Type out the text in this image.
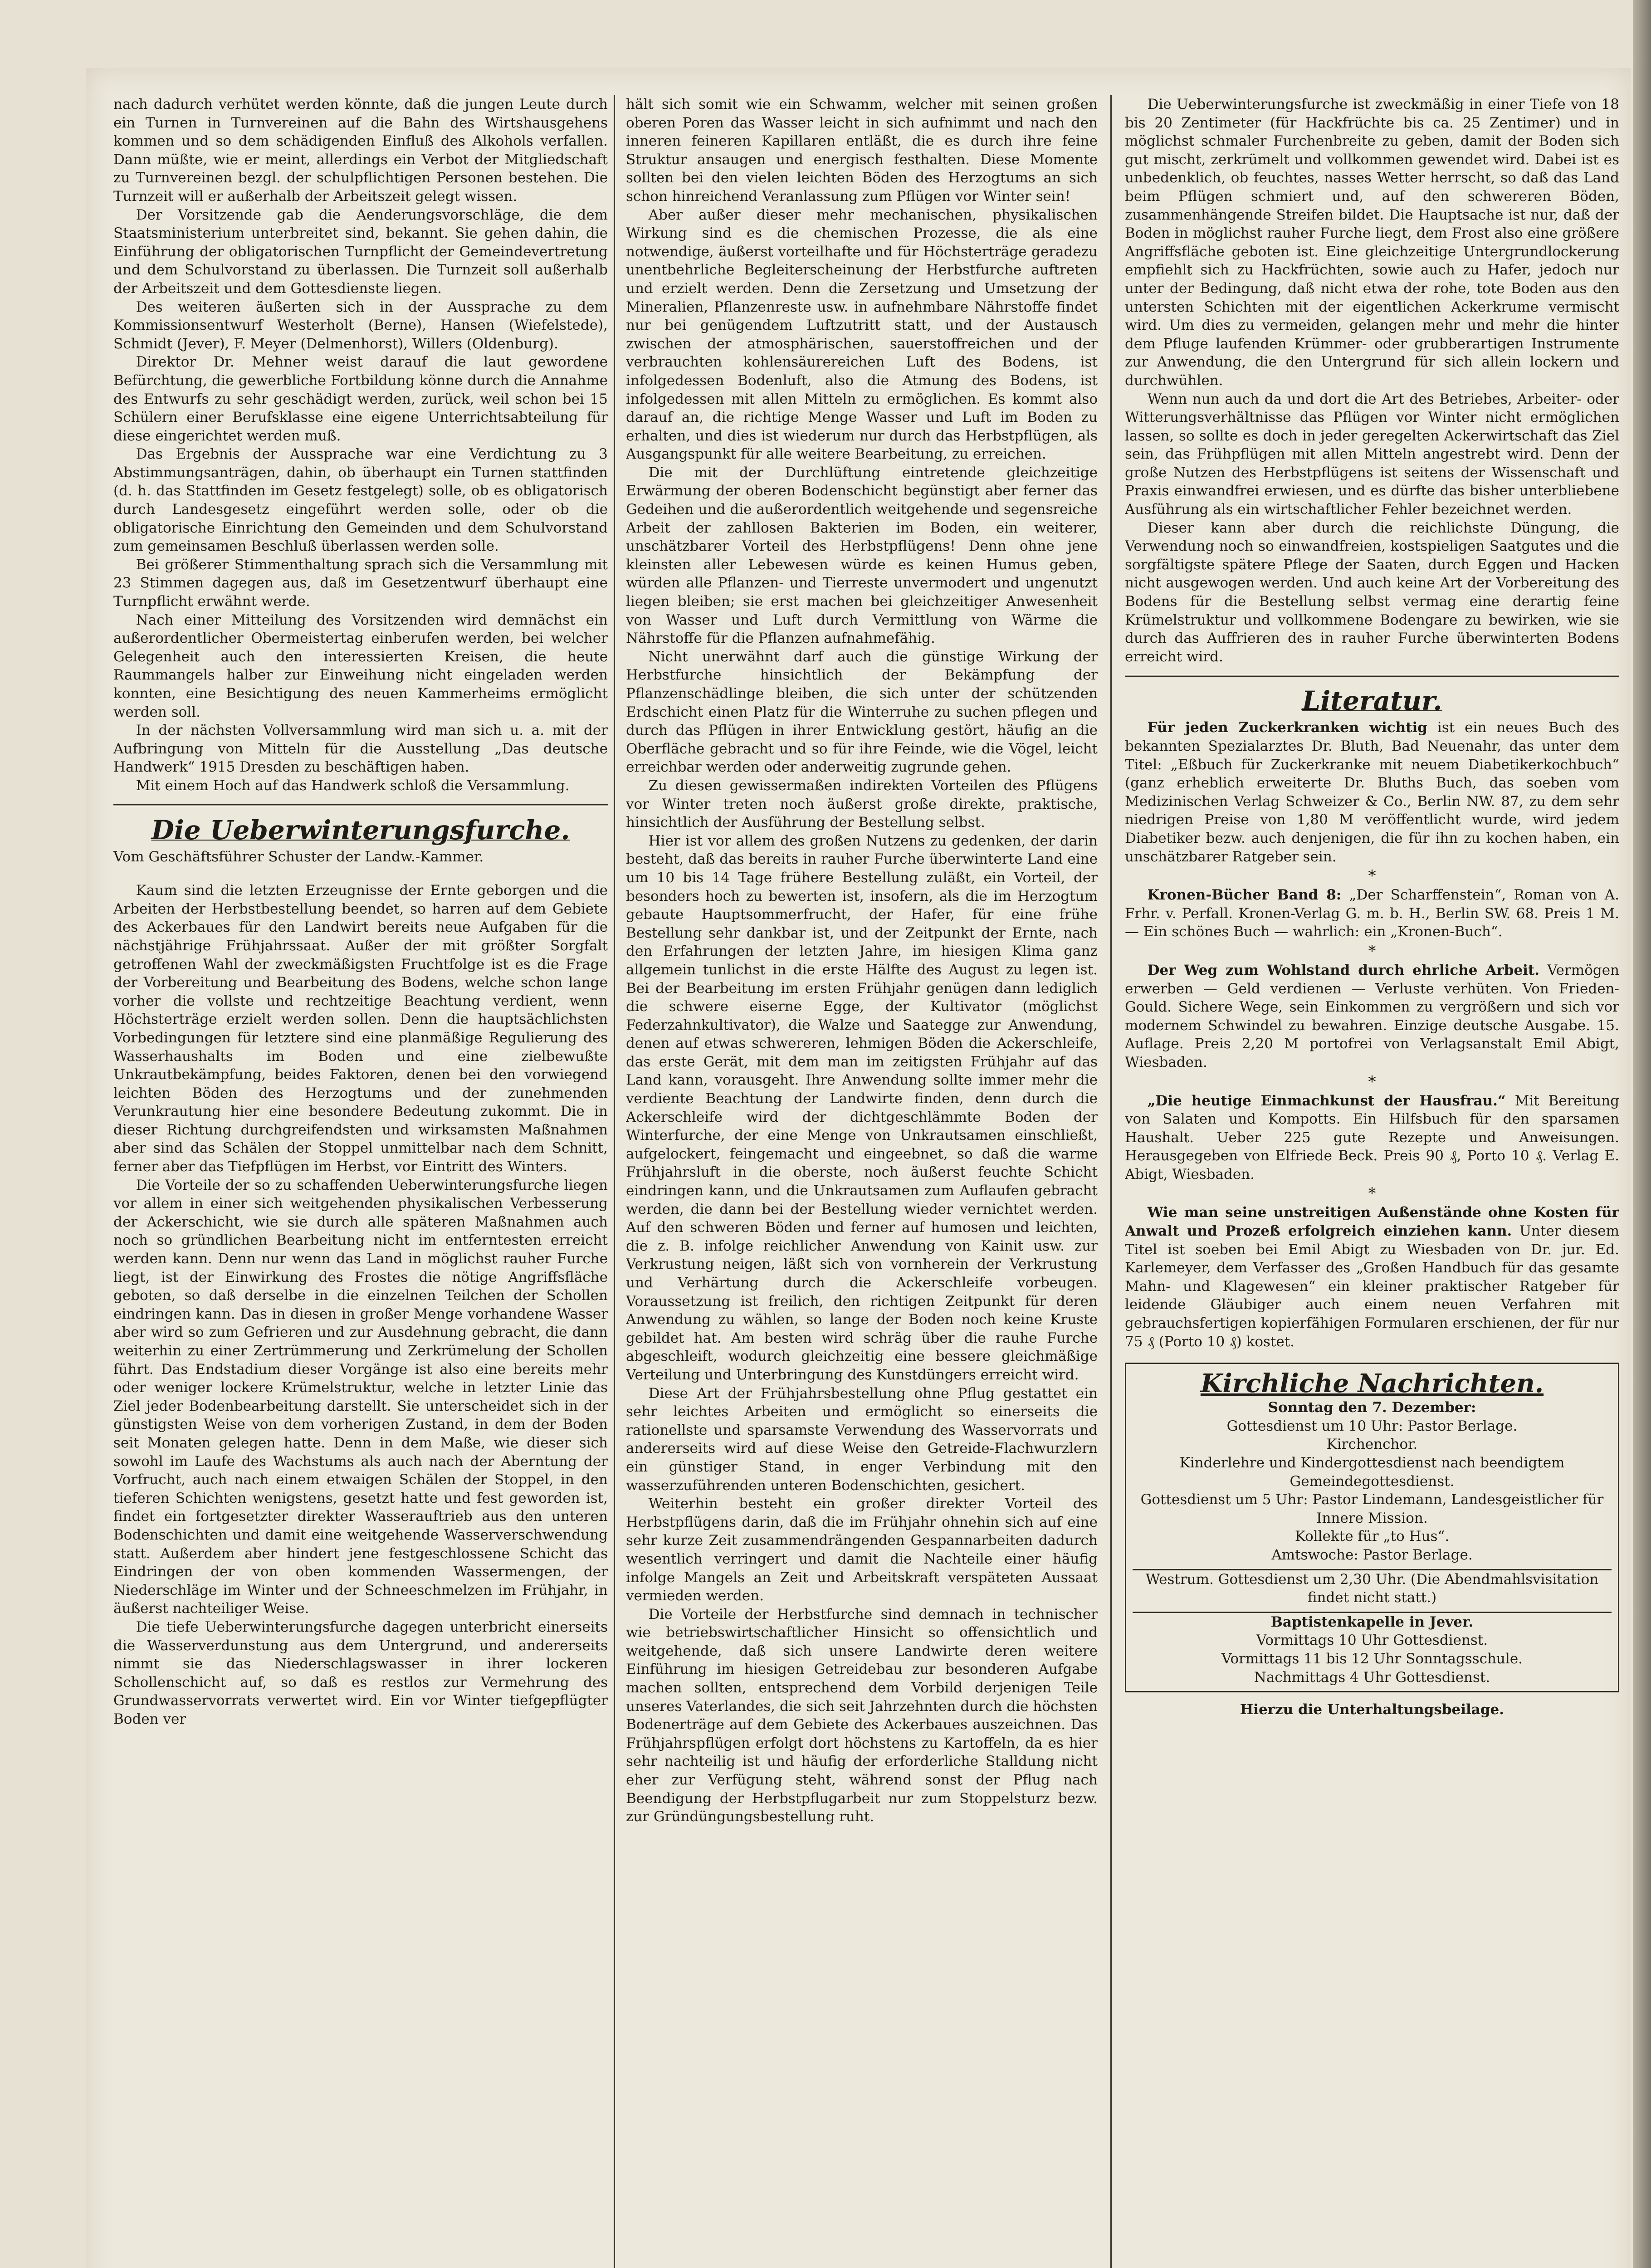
nach dadurch verhütet werden könnte, daß die jungen Leute durch ein Turnen in Turnvereinen auf die Bahn des Wirtshausgehens kommen und so dem schädigenden Einfluß des Alkohols verfallen. Dann müßte, wie er meint, allerdings ein Verbot der Mitgliedschaft zu Turnvereinen bezgl. der schulpflichtigen Personen bestehen. Die Turnzeit will er außerhalb der Arbeitszeit gelegt wissen.

Der Vorsitzende gab die Aenderungsvorschläge, die dem Staatsministerium unterbreitet sind, bekannt. Sie gehen dahin, die Einführung der obligatorischen Turnpflicht der Gemeindevertretung und dem Schulvorstand zu überlassen. Die Turnzeit soll außerhalb der Arbeitszeit und dem Gottesdienste liegen.

Des weiteren äußerten sich in der Aussprache zu dem Kommissionsentwurf Westerholt (Berne), Hansen (Wiefelstede), Schmidt (Jever), F. Meyer (Delmenhorst), Willers (Oldenburg).

Direktor Dr. Mehner weist darauf die laut gewordene Befürchtung, die gewerbliche Fortbildung könne durch die Annahme des Entwurfs zu sehr geschädigt werden, zurück, weil schon bei 15 Schülern einer Berufsklasse eine eigene Unterrichtsabteilung für diese eingerichtet werden muß.

Das Ergebnis der Aussprache war eine Verdichtung zu 3 Abstimmungsanträgen, dahin, ob überhaupt ein Turnen stattfinden (d. h. das Stattfinden im Gesetz festgelegt) solle, ob es obligatorisch durch Landesgesetz eingeführt werden solle, oder ob die obligatorische Einrichtung den Gemeinden und dem Schulvorstand zum gemeinsamen Beschluß überlassen werden solle.

Bei größerer Stimmenthaltung sprach sich die Versammlung mit 23 Stimmen dagegen aus, daß im Gesetzentwurf überhaupt eine Turnpflicht erwähnt werde.

Nach einer Mitteilung des Vorsitzenden wird demnächst ein außerordentlicher Obermeistertag einberufen werden, bei welcher Gelegenheit auch den interessierten Kreisen, die heute Raummangels halber zur Einweihung nicht eingeladen werden konnten, eine Besichtigung des neuen Kammerheims ermöglicht werden soll.

In der nächsten Vollversammlung wird man sich u. a. mit der Aufbringung von Mitteln für die Ausstellung „Das deutsche Handwerk“ 1915 Dresden zu beschäftigen haben.

Mit einem Hoch auf das Handwerk schloß die Versammlung.

Die Ueberwinterungsfurche.

Vom Geschäftsführer Schuster der Landw.-Kammer.

Kaum sind die letzten Erzeugnisse der Ernte geborgen und die Arbeiten der Herbstbestellung beendet, so harren auf dem Gebiete des Ackerbaues für den Landwirt bereits neue Aufgaben für die nächstjährige Frühjahrssaat. Außer der mit größter Sorgfalt getroffenen Wahl der zweckmäßigsten Fruchtfolge ist es die Frage der Vorbereitung und Bearbeitung des Bodens, welche schon lange vorher die vollste und rechtzeitige Beachtung verdient, wenn Höchsterträge erzielt werden sollen. Denn die hauptsächlichsten Vorbedingungen für letztere sind eine planmäßige Regulierung des Wasserhaushalts im Boden und eine zielbewußte Unkrautbekämpfung, beides Faktoren, denen bei den vorwiegend leichten Böden des Herzogtums und der zunehmenden Verunkrautung hier eine besondere Bedeutung zukommt. Die in dieser Richtung durchgreifendsten und wirksamsten Maßnahmen aber sind das Schälen der Stoppel unmittelbar nach dem Schnitt, ferner aber das Tiefpflügen im Herbst, vor Eintritt des Winters.

Die Vorteile der so zu schaffenden Ueberwinterungsfurche liegen vor allem in einer sich weitgehenden physikalischen Verbesserung der Ackerschicht, wie sie durch alle späteren Maßnahmen auch noch so gründlichen Bearbeitung nicht im entferntesten erreicht werden kann. Denn nur wenn das Land in möglichst rauher Furche liegt, ist der Einwirkung des Frostes die nötige Angriffsfläche geboten, so daß derselbe in die einzelnen Teilchen der Schollen eindringen kann. Das in diesen in großer Menge vorhandene Wasser aber wird so zum Gefrieren und zur Ausdehnung gebracht, die dann weiterhin zu einer Zertrümmerung und Zerkrümelung der Schollen führt. Das Endstadium dieser Vorgänge ist also eine bereits mehr oder weniger lockere Krümelstruktur, welche in letzter Linie das Ziel jeder Bodenbearbeitung darstellt. Sie unterscheidet sich in der günstigsten Weise von dem vorherigen Zustand, in dem der Boden seit Monaten gelegen hatte. Denn in dem Maße, wie dieser sich sowohl im Laufe des Wachstums als auch nach der Aberntung der Vorfrucht, auch nach einem etwaigen Schälen der Stoppel, in den tieferen Schichten wenigstens, gesetzt hatte und fest geworden ist, findet ein fortgesetzter direkter Wasserauftrieb aus den unteren Bodenschichten und damit eine weitgehende Wasserverschwendung statt. Außerdem aber hindert jene festgeschlossene Schicht das Eindringen der von oben kommenden Wassermengen, der Niederschläge im Winter und der Schneeschmelzen im Frühjahr, in äußerst nachteiliger Weise.

Die tiefe Ueberwinterungsfurche dagegen unterbricht einerseits die Wasserverdunstung aus dem Untergrund, und andererseits nimmt sie das Niederschlagswasser in ihrer lockeren Schollenschicht auf, so daß es restlos zur Vermehrung des Grundwasservorrats verwertet wird. Ein vor Winter tiefgepflügter Boden ver

hält sich somit wie ein Schwamm, welcher mit seinen großen oberen Poren das Wasser leicht in sich aufnimmt und nach den inneren feineren Kapillaren entläßt, die es durch ihre feine Struktur ansaugen und energisch festhalten. Diese Momente sollten bei den vielen leichten Böden des Herzogtums an sich schon hinreichend Veranlassung zum Pflügen vor Winter sein!

Aber außer dieser mehr mechanischen, physikalischen Wirkung sind es die chemischen Prozesse, die als eine notwendige, äußerst vorteilhafte und für Höchsterträge geradezu unentbehrliche Begleiterscheinung der Herbstfurche auftreten und erzielt werden. Denn die Zersetzung und Umsetzung der Mineralien, Pflanzenreste usw. in aufnehmbare Nährstoffe findet nur bei genügendem Luftzutritt statt, und der Austausch zwischen der atmosphärischen, sauerstoffreichen und der verbrauchten kohlensäurereichen Luft des Bodens, ist infolgedessen Bodenluft, also die Atmung des Bodens, ist infolgedessen mit allen Mitteln zu ermöglichen. Es kommt also darauf an, die richtige Menge Wasser und Luft im Boden zu erhalten, und dies ist wiederum nur durch das Herbstpflügen, als Ausgangspunkt für alle weitere Bearbeitung, zu erreichen.

Die mit der Durchlüftung eintretende gleichzeitige Erwärmung der oberen Bodenschicht begünstigt aber ferner das Gedeihen und die außerordentlich weitgehende und segensreiche Arbeit der zahllosen Bakterien im Boden, ein weiterer, unschätzbarer Vorteil des Herbstpflügens! Denn ohne jene kleinsten aller Lebewesen würde es keinen Humus geben, würden alle Pflanzen- und Tierreste unvermodert und ungenutzt liegen bleiben; sie erst machen bei gleichzeitiger Anwesenheit von Wasser und Luft durch Vermittlung von Wärme die Nährstoffe für die Pflanzen aufnahmefähig.

Nicht unerwähnt darf auch die günstige Wirkung der Herbstfurche hinsichtlich der Bekämpfung der Pflanzenschädlinge bleiben, die sich unter der schützenden Erdschicht einen Platz für die Winterruhe zu suchen pflegen und durch das Pflügen in ihrer Entwicklung gestört, häufig an die Oberfläche gebracht und so für ihre Feinde, wie die Vögel, leicht erreichbar werden oder anderweitig zugrunde gehen.

Zu diesen gewissermaßen indirekten Vorteilen des Pflügens vor Winter treten noch äußerst große direkte, praktische, hinsichtlich der Ausführung der Bestellung selbst.

Hier ist vor allem des großen Nutzens zu gedenken, der darin besteht, daß das bereits in rauher Furche überwinterte Land eine um 10 bis 14 Tage frühere Bestellung zuläßt, ein Vorteil, der besonders hoch zu bewerten ist, insofern, als die im Herzogtum gebaute Hauptsommerfrucht, der Hafer, für eine frühe Bestellung sehr dankbar ist, und der Zeitpunkt der Ernte, nach den Erfahrungen der letzten Jahre, im hiesigen Klima ganz allgemein tunlichst in die erste Hälfte des August zu legen ist. Bei der Bearbeitung im ersten Frühjahr genügen dann lediglich die schwere eiserne Egge, der Kultivator (möglichst Federzahnkultivator), die Walze und Saategge zur Anwendung, denen auf etwas schwereren, lehmigen Böden die Ackerschleife, das erste Gerät, mit dem man im zeitigsten Frühjahr auf das Land kann, vorausgeht. Ihre Anwendung sollte immer mehr die verdiente Beachtung der Landwirte finden, denn durch die Ackerschleife wird der dichtgeschlämmte Boden der Winterfurche, der eine Menge von Unkrautsamen einschließt, aufgelockert, feingemacht und eingeebnet, so daß die warme Frühjahrsluft in die oberste, noch äußerst feuchte Schicht eindringen kann, und die Unkrautsamen zum Auflaufen gebracht werden, die dann bei der Bestellung wieder vernichtet werden. Auf den schweren Böden und ferner auf humosen und leichten, die z. B. infolge reichlicher Anwendung von Kainit usw. zur Verkrustung neigen, läßt sich von vornherein der Verkrustung und Verhärtung durch die Ackerschleife vorbeugen. Voraussetzung ist freilich, den richtigen Zeitpunkt für deren Anwendung zu wählen, so lange der Boden noch keine Kruste gebildet hat. Am besten wird schräg über die rauhe Furche abgeschleift, wodurch gleichzeitig eine bessere gleichmäßige Verteilung und Unterbringung des Kunstdüngers erreicht wird.

Diese Art der Frühjahrsbestellung ohne Pflug gestattet ein sehr leichtes Arbeiten und ermöglicht so einerseits die rationellste und sparsamste Verwendung des Wasservorrats und andererseits wird auf diese Weise den Getreide-Flachwurzlern ein günstiger Stand, in enger Verbindung mit den wasserzuführenden unteren Bodenschichten, gesichert.

Weiterhin besteht ein großer direkter Vorteil des Herbstpflügens darin, daß die im Frühjahr ohnehin sich auf eine sehr kurze Zeit zusammendrängenden Gespannarbeiten dadurch wesentlich verringert und damit die Nachteile einer häufig infolge Mangels an Zeit und Arbeitskraft verspäteten Aussaat vermieden werden.

Die Vorteile der Herbstfurche sind demnach in technischer wie betriebswirtschaftlicher Hinsicht so offensichtlich und weitgehende, daß sich unsere Landwirte deren weitere Einführung im hiesigen Getreidebau zur besonderen Aufgabe machen sollten, entsprechend dem Vorbild derjenigen Teile unseres Vaterlandes, die sich seit Jahrzehnten durch die höchsten Bodenerträge auf dem Gebiete des Ackerbaues auszeichnen. Das Frühjahrspflügen erfolgt dort höchstens zu Kartoffeln, da es hier sehr nachteilig ist und häufig der erforderliche Stalldung nicht eher zur Verfügung steht, während sonst der Pflug nach Beendigung der Herbstpflugarbeit nur zum Stoppelsturz bezw. zur Gründüngungsbestellung ruht.

Die Ueberwinterungsfurche ist zweckmäßig in einer Tiefe von 18 bis 20 Zentimeter (für Hackfrüchte bis ca. 25 Zentimer) und in möglichst schmaler Furchenbreite zu geben, damit der Boden sich gut mischt, zerkrümelt und vollkommen gewendet wird. Dabei ist es unbedenklich, ob feuchtes, nasses Wetter herrscht, so daß das Land beim Pflügen schmiert und, auf den schwereren Böden, zusammenhängende Streifen bildet. Die Hauptsache ist nur, daß der Boden in möglichst rauher Furche liegt, dem Frost also eine größere Angriffsfläche geboten ist. Eine gleichzeitige Untergrundlockerung empfiehlt sich zu Hackfrüchten, sowie auch zu Hafer, jedoch nur unter der Bedingung, daß nicht etwa der rohe, tote Boden aus den untersten Schichten mit der eigentlichen Ackerkrume vermischt wird. Um dies zu vermeiden, gelangen mehr und mehr die hinter dem Pfluge laufenden Krümmer- oder grubberartigen Instrumente zur Anwendung, die den Untergrund für sich allein lockern und durchwühlen.

Wenn nun auch da und dort die Art des Betriebes, Arbeiter- oder Witterungsverhältnisse das Pflügen vor Winter nicht ermöglichen lassen, so sollte es doch in jeder geregelten Ackerwirtschaft das Ziel sein, das Frühpflügen mit allen Mitteln angestrebt wird. Denn der große Nutzen des Herbstpflügens ist seitens der Wissenschaft und Praxis einwandfrei erwiesen, und es dürfte das bisher unterbliebene Ausführung als ein wirtschaftlicher Fehler bezeichnet werden.

Dieser kann aber durch die reichlichste Düngung, die Verwendung noch so einwandfreien, kostspieligen Saatgutes und die sorgfältigste spätere Pflege der Saaten, durch Eggen und Hacken nicht ausgewogen werden. Und auch keine Art der Vorbereitung des Bodens für die Bestellung selbst vermag eine derartig feine Krümelstruktur und vollkommene Bodengare zu bewirken, wie sie durch das Auffrieren des in rauher Furche überwinterten Bodens erreicht wird.

Literatur.

Für jeden Zuckerkranken wichtig ist ein neues Buch des bekannten Spezialarztes Dr. Bluth, Bad Neuenahr, das unter dem Titel: „Eßbuch für Zuckerkranke mit neuem Diabetikerkochbuch“ (ganz erheblich erweiterte Dr. Bluths Buch, das soeben vom Medizinischen Verlag Schweizer & Co., Berlin NW. 87, zu dem sehr niedrigen Preise von 1,80 M veröffentlicht wurde, wird jedem Diabetiker bezw. auch denjenigen, die für ihn zu kochen haben, ein unschätzbarer Ratgeber sein.

*

Kronen-Bücher Band 8: „Der Scharffenstein“, Roman von A. Frhr. v. Perfall. Kronen-Verlag G. m. b. H., Berlin SW. 68. Preis 1 M. — Ein schönes Buch — wahrlich: ein „Kronen-Buch“.

*

Der Weg zum Wohlstand durch ehrliche Arbeit. Vermögen erwerben — Geld verdienen — Verluste verhüten. Von Frieden-Gould. Sichere Wege, sein Einkommen zu vergrößern und sich vor modernem Schwindel zu bewahren. Einzige deutsche Ausgabe. 15. Auflage. Preis 2,20 M portofrei von Verlagsanstalt Emil Abigt, Wiesbaden.

*

„Die heutige Einmachkunst der Hausfrau.“ Mit Bereitung von Salaten und Kompotts. Ein Hilfsbuch für den sparsamen Haushalt. Ueber 225 gute Rezepte und Anweisungen. Herausgegeben von Elfriede Beck. Preis 90 ₰, Porto 10 ₰. Verlag E. Abigt, Wiesbaden.

*

Wie man seine unstreitigen Außenstände ohne Kosten für Anwalt und Prozeß erfolgreich einziehen kann. Unter diesem Titel ist soeben bei Emil Abigt zu Wiesbaden von Dr. jur. Ed. Karlemeyer, dem Verfasser des „Großen Handbuch für das gesamte Mahn- und Klagewesen“ ein kleiner praktischer Ratgeber für leidende Gläubiger auch einem neuen Verfahren mit gebrauchsfertigen kopierfähigen Formularen erschienen, der für nur 75 ₰ (Porto 10 ₰) kostet.

Kirchliche Nachrichten.

Sonntag den 7. Dezember:

Gottesdienst um 10 Uhr: Pastor Berlage.

Kirchenchor.

Kinderlehre und Kindergottesdienst nach beendigtem Gemeindegottesdienst.

Gottesdienst um 5 Uhr: Pastor Lindemann, Landesgeistlicher für Innere Mission.

Kollekte für „to Hus“.

Amtswoche: Pastor Berlage.

Westrum. Gottesdienst um 2,30 Uhr. (Die Abendmahlsvisitation findet nicht statt.)

Baptistenkapelle in Jever.

Vormittags 10 Uhr Gottesdienst.

Vormittags 11 bis 12 Uhr Sonntagsschule.

Nachmittags 4 Uhr Gottesdienst.

Hierzu die Unterhaltungsbeilage.
